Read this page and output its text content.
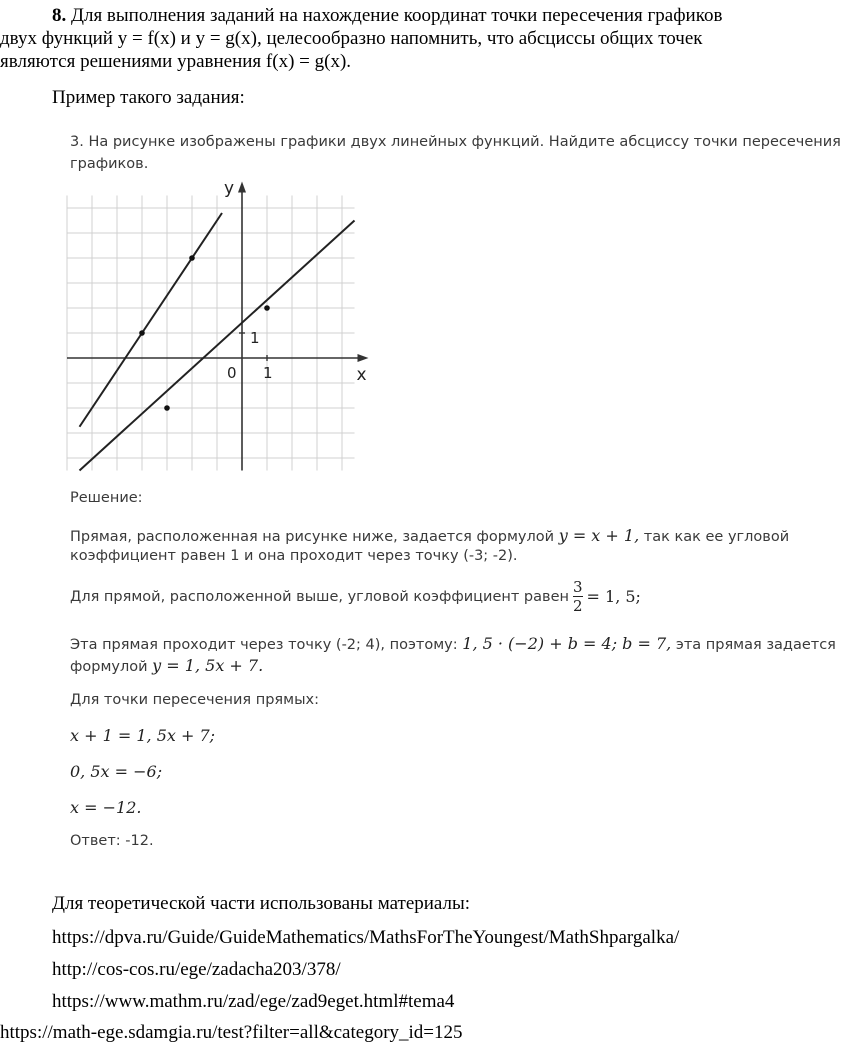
8. Для выполнения заданий на нахождение координат точки пересечения графиков
двух функций y = f(x) и y = g(x), целесообразно напомнить, что абсциссы общих точек
являются решениями уравнения f(x) = g(x).
Пример такого задания:
3. На рисунке изображены графики двух линейных функций. Найдите абсциссу точки пересечения
графиков.
y
x
0 1
1
Решение:
Прямая, расположенная на рисунке ниже, задается формулой y = x + 1, так как ее угловой
коэффициент равен 1 и она проходит через точку (-3; -2).
Для прямой, расположенной выше, угловой коэффициент равен $\frac{3}{2} = 1$, 5;
Эта прямая проходит через точку (-2; 4), поэтому: 1, 5 · (−2) + b = 4; b = 7, эта прямая задается
формулой y = 1, 5x + 7.
Для точки пересечения прямых:
x + 1 = 1, 5x + 7;
0, 5x = −6;
x = −12.
Ответ: -12.
Для теоретической части использованы материалы:
https://dpva.ru/Guide/GuideMathematics/MathsForTheYoungest/MathShpargalka/
http://cos-cos.ru/ege/zadacha203/378/
https://www.mathm.ru/zad/ege/zad9eget.html#tema4
https://math-ege.sdamgia.ru/test?filter=all&category_id=125
